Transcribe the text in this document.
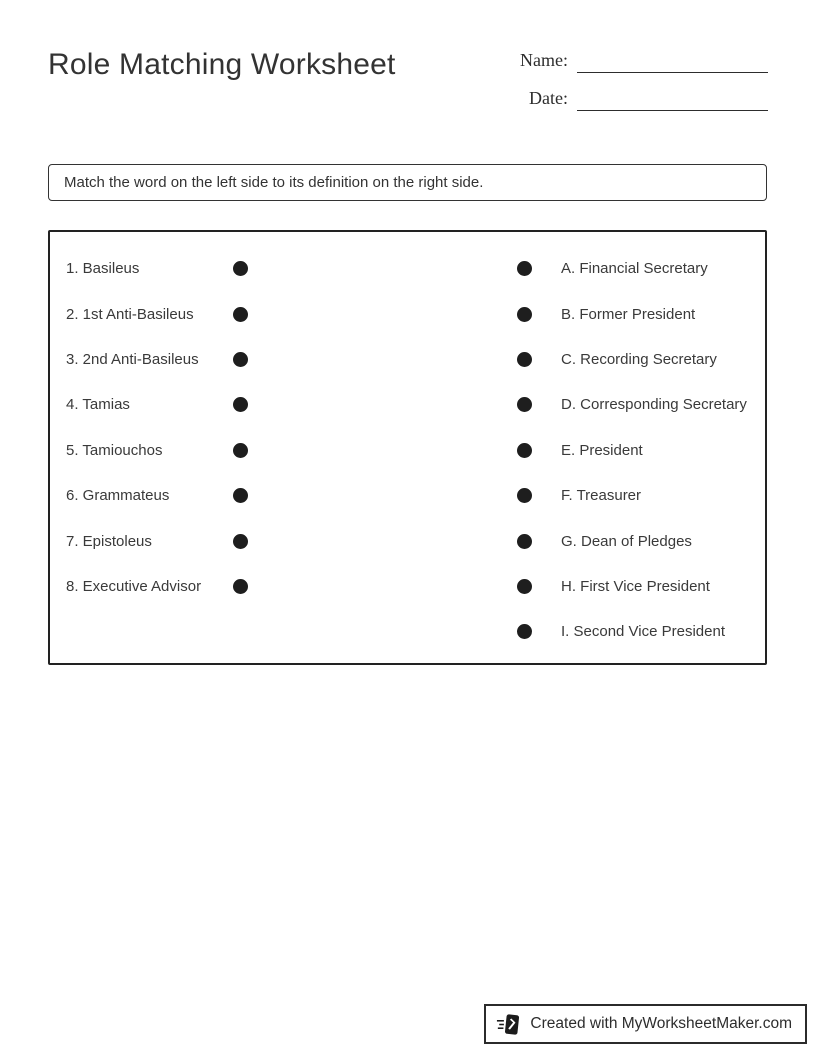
Role Matching Worksheet	Name:
Date:
Match the word on the left side to its definition on the right side.
1. Basileus
2. 1st Anti-Basileus
3. 2nd Anti-Basileus
4. Tamias
5. Tamiouchos
6. Grammateus
7. Epistoleus
8. Executive Advisor
A. Financial Secretary
B. Former President
C. Recording Secretary
D. Corresponding Secretary
E. President
F. Treasurer
G. Dean of Pledges
H. First Vice President
I. Second Vice President
Created with MyWorksheetMaker.com
